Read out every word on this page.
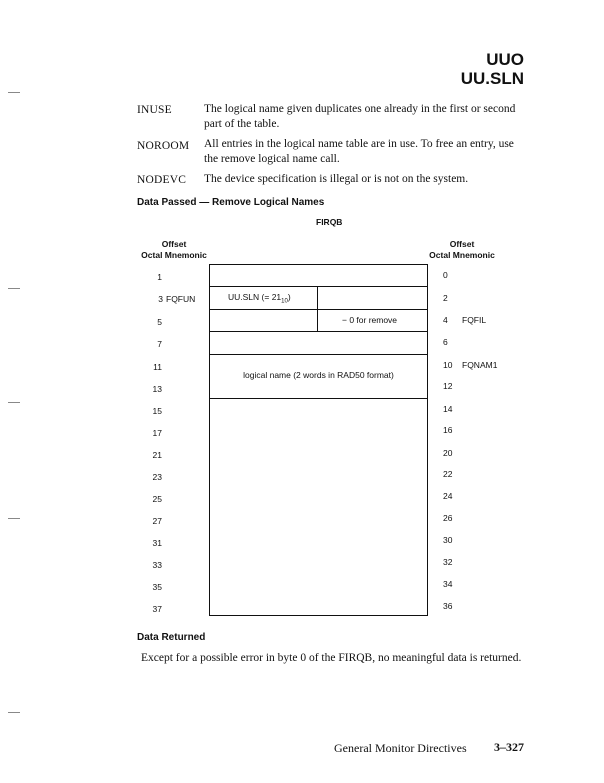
UUO
UU.SLN
INUSE	The logical name given duplicates one already in the first or second part of the table.
NOROOM All entries in the logical name table are in use. To free an entry, use the remove logical name call.
NODEVC The device specification is illegal or is not on the system.
Data Passed — Remove Logical Names
FIRQB
Offset
Octal Mnemonic
Offset
Octal Mnemonic
UU.SLN (= $21_{10}$)
− 0 for remove
logical name (2 words in RAD50 format)
1
3 FQFUN
5
7
11
13
15
17
21
23
25
27
31
33
35
37
0
2
4 FQFIL
6
10 FQNAM1
12
14
16
20
22
24
26
30
32
34
36
Data Returned
Except for a possible error in byte 0 of the FIRQB, no meaningful data is returned.
General Monitor Directives 3–327
